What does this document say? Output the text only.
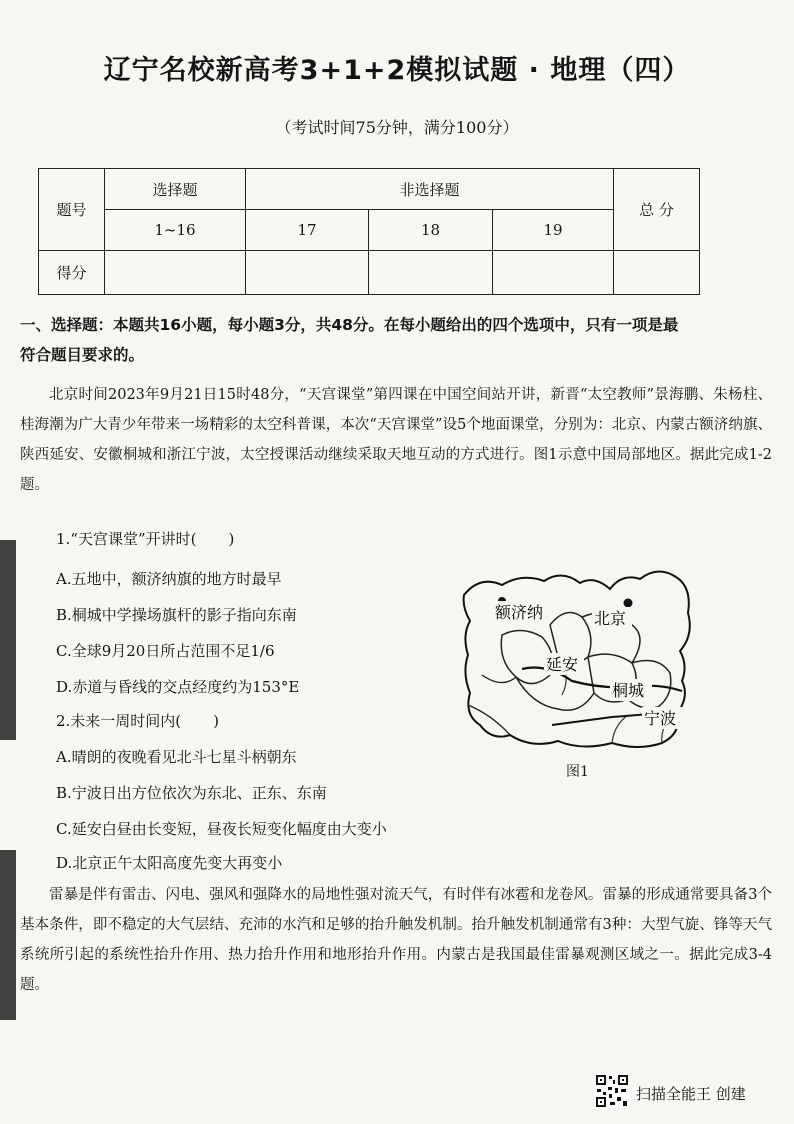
辽宁名校新高考3+1+2模拟试题 · 地理（四）
（考试时间75分钟，满分100分）
题号	选择题	非选择题			总 分
	1~16	17	18	19	
得分					
一、选择题：本题共16小题，每小题3分，共48分。在每小题给出的四个选项中，只有一项是最
符合题目要求的。

北京时间2023年9月21日15时48分，“天宫课堂”第四课在中国空间站开讲，新晋“太空教师”景海鹏、朱杨柱、桂海潮为广大青少年带来一场精彩的太空科普课，本次“天宫课堂”设5个地面课堂，分别为：北京、内蒙古额济纳旗、陕西延安、安徽桐城和浙江宁波，太空授课活动继续采取天地互动的方式进行。图1示意中国局部地区。据此完成1-2题。

1.“天宫课堂”开讲时( )
A.五地中，额济纳旗的地方时最早
B.桐城中学操场旗杆的影子指向东南
C.全球9月20日所占范围不足1/6
D.赤道与昏线的交点经度约为153°E
2.未来一周时间内( )
A.晴朗的夜晚看见北斗七星斗柄朝东
B.宁波日出方位依次为东北、正东、东南
C.延安白昼由长变短，昼夜长短变化幅度由大变小
D.北京正午太阳高度先变大再变小
额济纳	北京
延安
桐城
宁波
图1

雷暴是伴有雷击、闪电、强风和强降水的局地性强对流天气，有时伴有冰雹和龙卷风。雷暴的形成通常要具备3个基本条件，即不稳定的大气层结、充沛的水汽和足够的抬升触发机制。抬升触发机制通常有3种：大型气旋、锋等天气系统所引起的系统性抬升作用、热力抬升作用和地形抬升作用。内蒙古是我国最佳雷暴观测区域之一。据此完成3-4题。

扫描全能王 创建
